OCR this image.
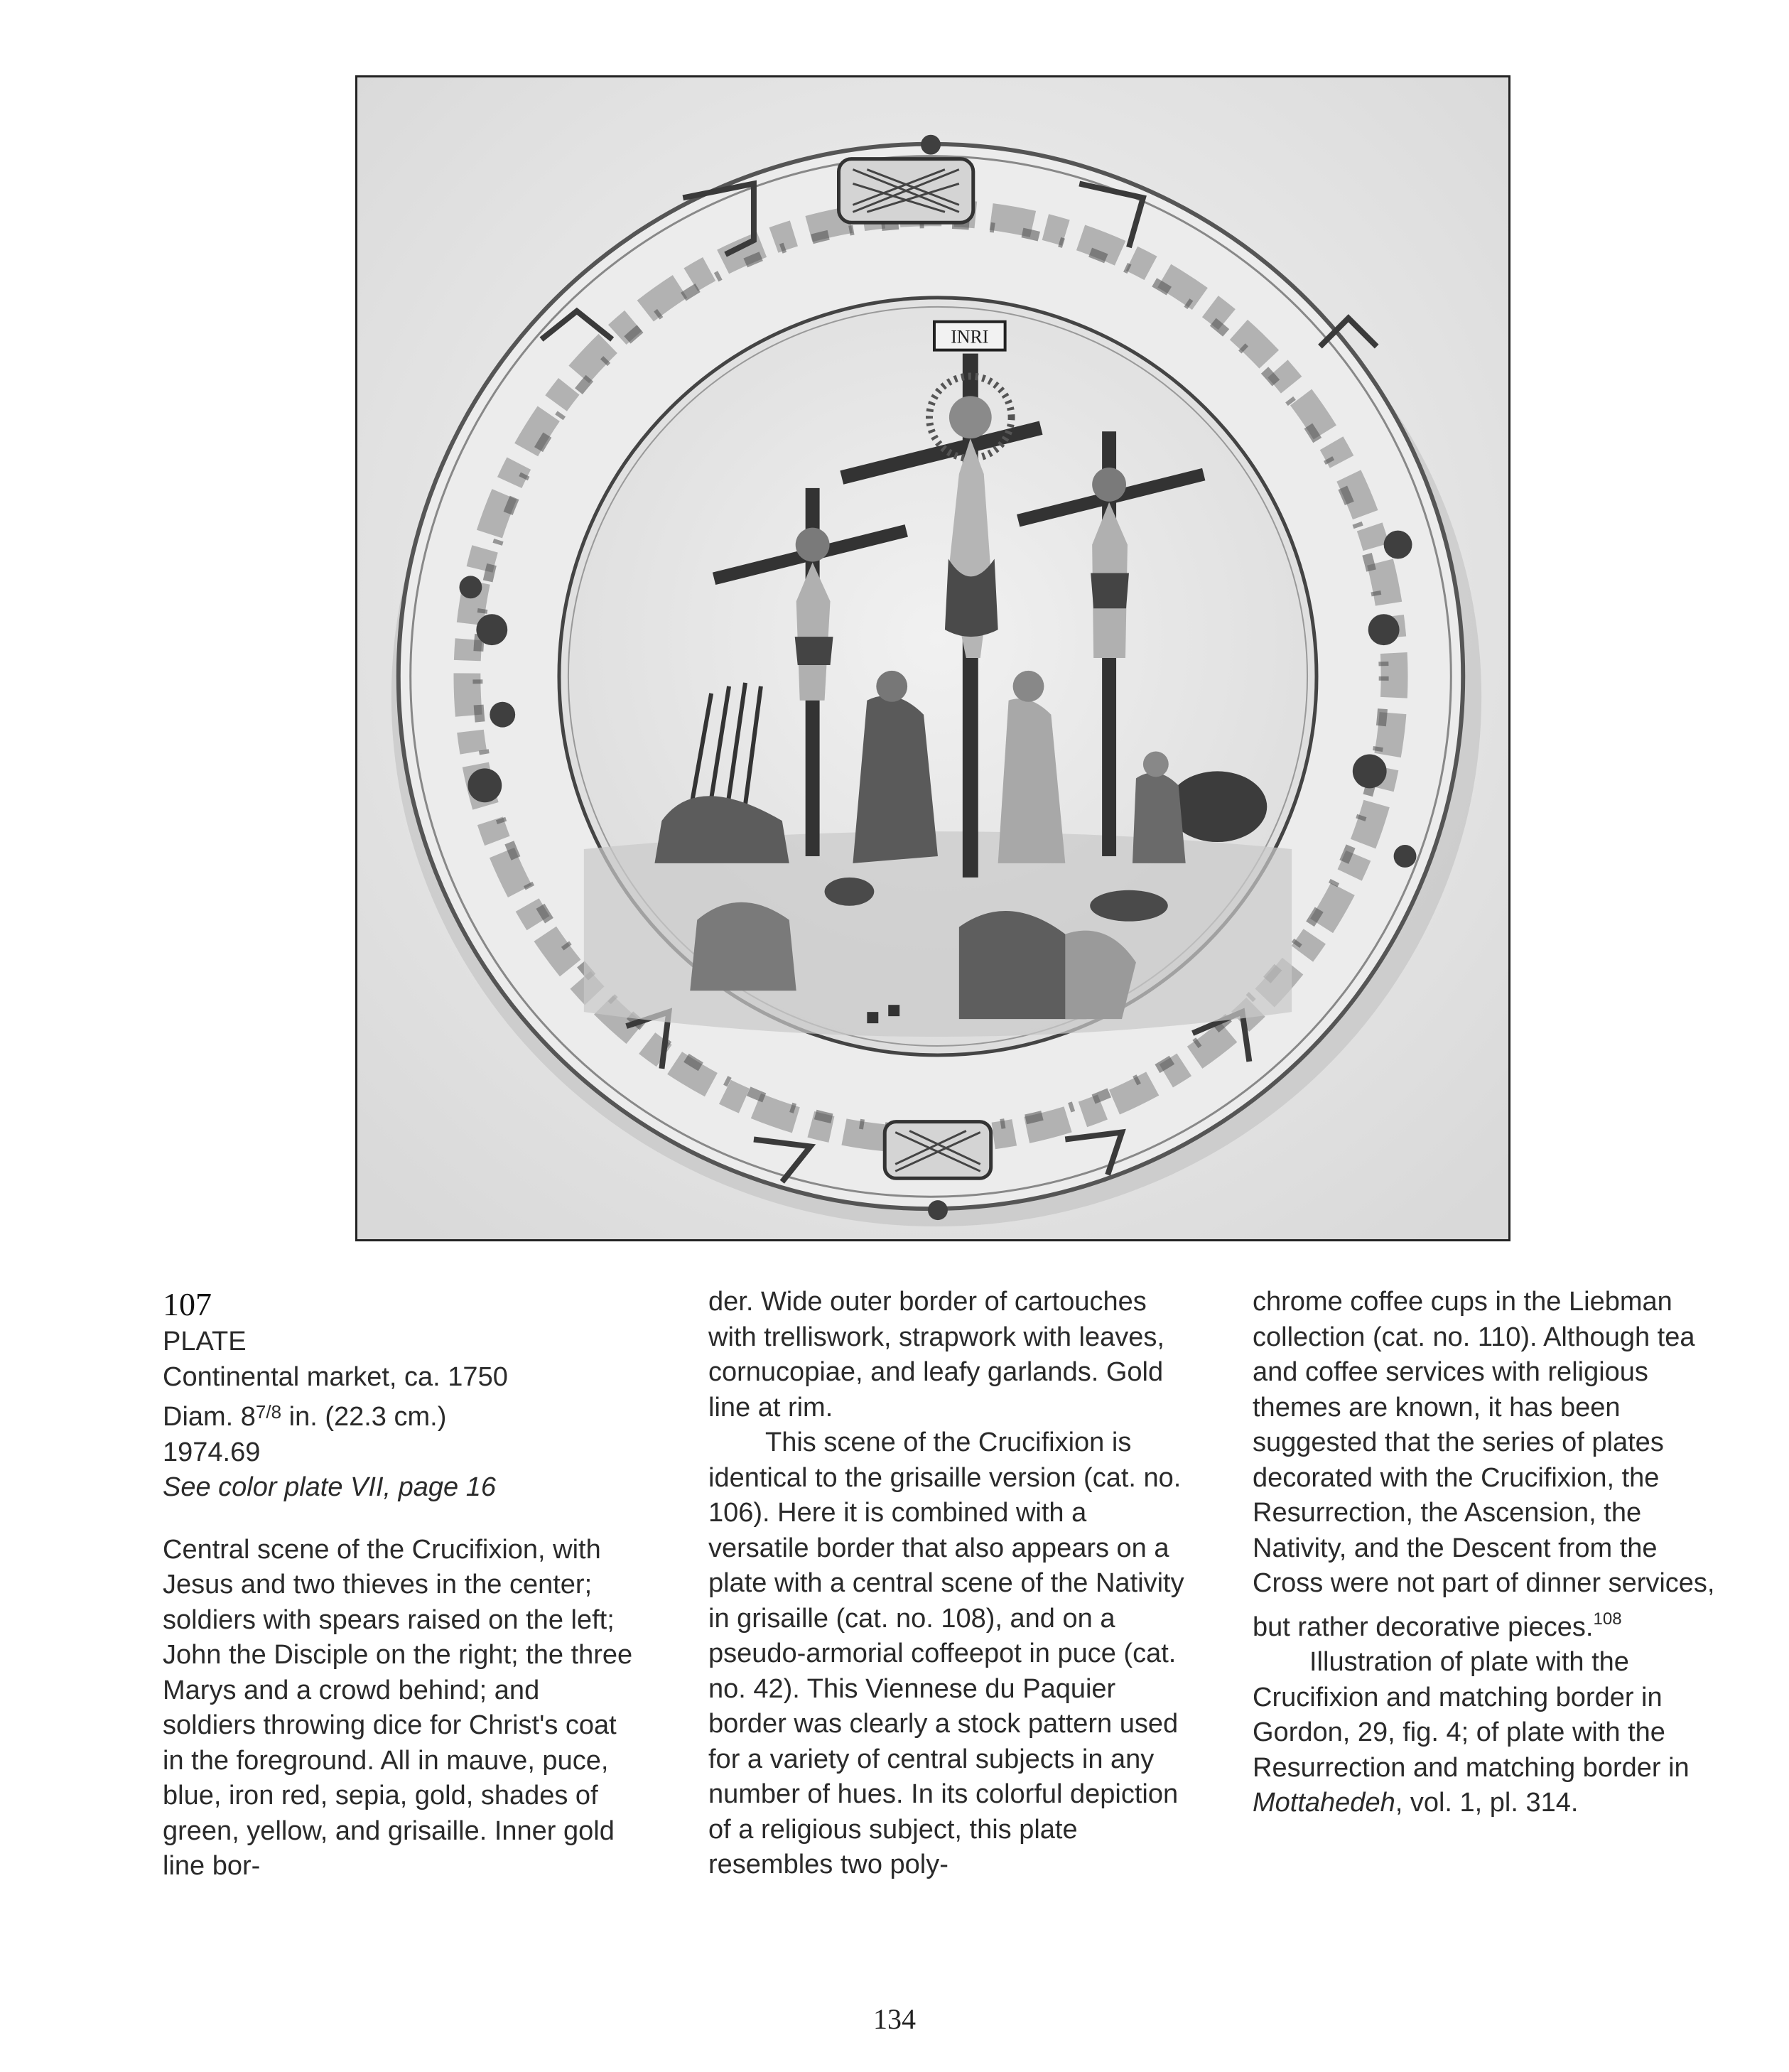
INRI

107

PLATE
Continental market, ca. 1750
Diam. $8^{7/8}$ in. (22.3 cm.)
1974.69
See color plate VII, page 16

Central scene of the Crucifixion, with Jesus and two thieves in the center; soldiers with spears raised on the left; John the Disciple on the right; the three Marys and a crowd behind; and soldiers throwing dice for Christ's coat in the foreground. All in mauve, puce, blue, iron red, sepia, gold, shades of green, yellow, and grisaille. Inner gold line bor-

der. Wide outer border of cartouches with trelliswork, strapwork with leaves, cornucopiae, and leafy garlands. Gold line at rim.

This scene of the Crucifixion is identical to the grisaille version (cat. no. 106). Here it is combined with a versatile border that also appears on a plate with a central scene of the Nativity in grisaille (cat. no. 108), and on a pseudo-armorial coffeepot in puce (cat. no. 42). This Viennese du Paquier border was clearly a stock pattern used for a variety of central subjects in any number of hues. In its colorful depiction of a religious subject, this plate resembles two poly-

chrome coffee cups in the Liebman collection (cat. no. 110). Although tea and coffee services with religious themes are known, it has been suggested that the series of plates decorated with the Crucifixion, the Resurrection, the Ascension, the Nativity, and the Descent from the Cross were not part of dinner services, but rather decorative pieces.$^{108}$

Illustration of plate with the Crucifixion and matching border in Gordon, 29, fig. 4; of plate with the Resurrection and matching border in Mottahedeh, vol. 1, pl. 314.

134
